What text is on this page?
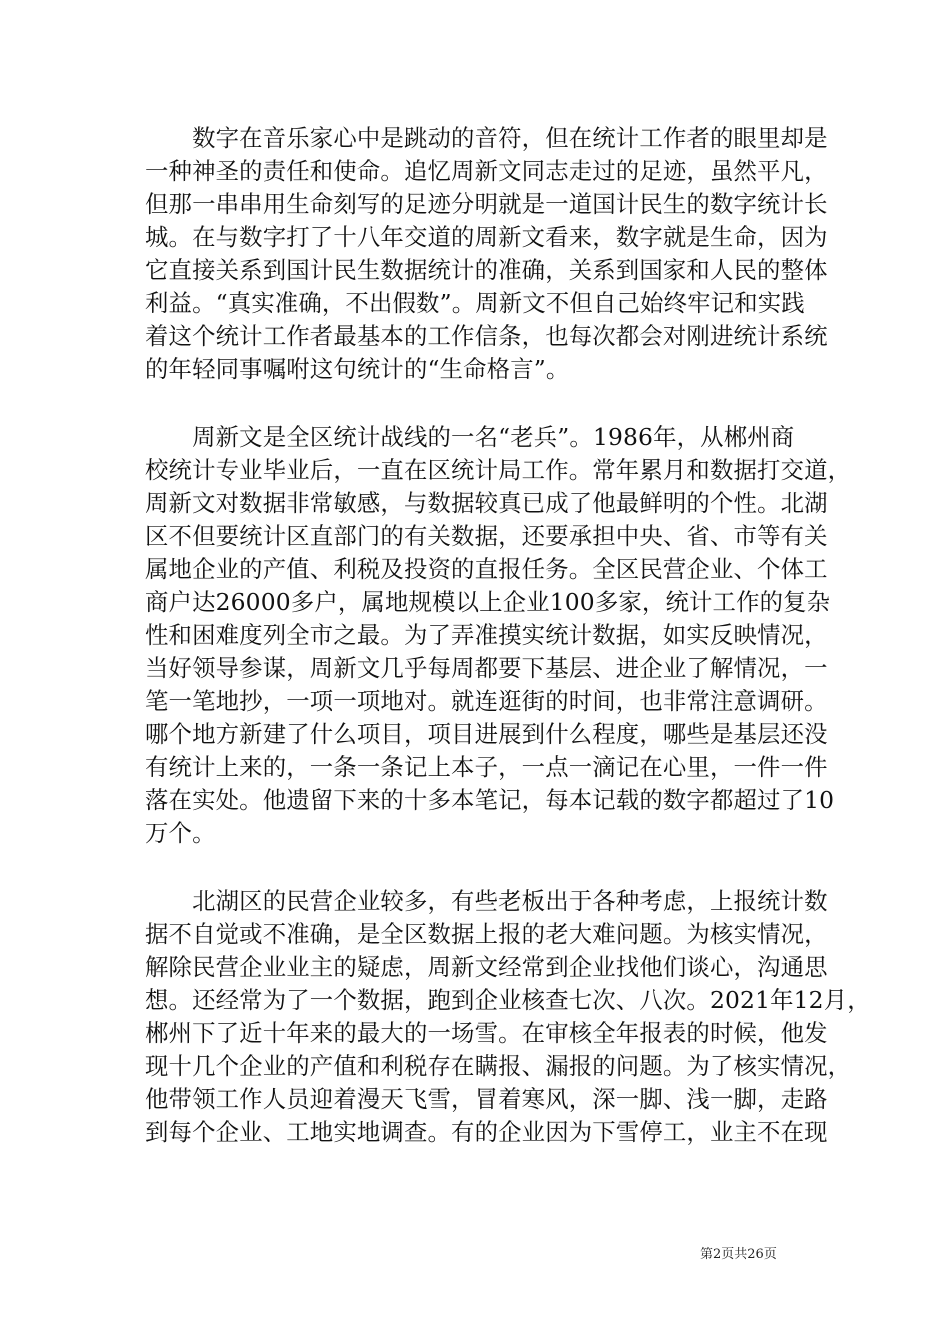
　　数字在音乐家心中是跳动的音符，但在统计工作者的眼里却是
一种神圣的责任和使命。追忆周新文同志走过的足迹，虽然平凡，
但那一串串用生命刻写的足迹分明就是一道国计民生的数字统计长
城。在与数字打了十八年交道的周新文看来，数字就是生命，因为
它直接关系到国计民生数据统计的准确，关系到国家和人民的整体
利益。“真实准确，不出假数”。周新文不但自己始终牢记和实践
着这个统计工作者最基本的工作信条，也每次都会对刚进统计系统
的年轻同事嘱咐这句统计的“生命格言”。
　　周新文是全区统计战线的一名“老兵”。1986年，从郴州商
校统计专业毕业后，一直在区统计局工作。常年累月和数据打交道，
周新文对数据非常敏感，与数据较真已成了他最鲜明的个性。北湖
区不但要统计区直部门的有关数据，还要承担中央、省、市等有关
属地企业的产值、利税及投资的直报任务。全区民营企业、个体工
商户达26000多户，属地规模以上企业100多家，统计工作的复杂
性和困难度列全市之最。为了弄准摸实统计数据，如实反映情况，
当好领导参谋，周新文几乎每周都要下基层、进企业了解情况，一
笔一笔地抄，一项一项地对。就连逛街的时间，也非常注意调研。
哪个地方新建了什么项目，项目进展到什么程度，哪些是基层还没
有统计上来的，一条一条记上本子，一点一滴记在心里，一件一件
落在实处。他遗留下来的十多本笔记，每本记载的数字都超过了10
万个。
　　北湖区的民营企业较多，有些老板出于各种考虑，上报统计数
据不自觉或不准确，是全区数据上报的老大难问题。为核实情况，
解除民营企业业主的疑虑，周新文经常到企业找他们谈心，沟通思
想。还经常为了一个数据，跑到企业核查七次、八次。2021年12月，
郴州下了近十年来的最大的一场雪。在审核全年报表的时候，他发
现十几个企业的产值和利税存在瞒报、漏报的问题。为了核实情况，
他带领工作人员迎着漫天飞雪，冒着寒风，深一脚、浅一脚，走路
到每个企业、工地实地调查。有的企业因为下雪停工，业主不在现
第2页共26页
